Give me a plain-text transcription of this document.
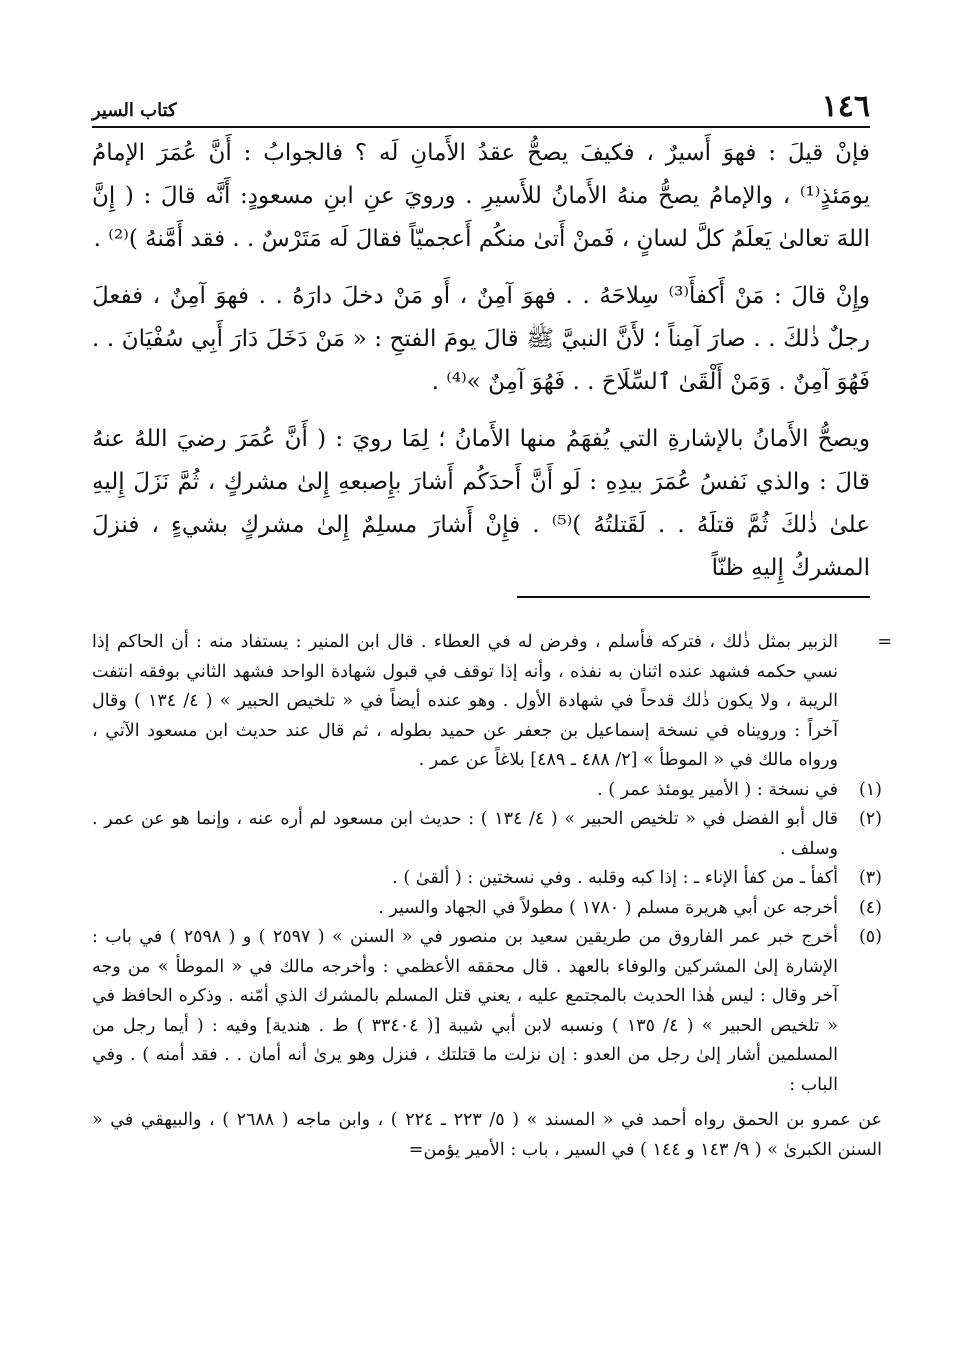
١٤٦
كتاب السير

فإنْ قيلَ : فهوَ أَسيرٌ ، فكيفَ يصحُّ عقدُ الأَمانِ لَه ؟ فالجوابُ : أَنَّ عُمَرَ الإمامُ يومَئذٍ⁽¹⁾ ، والإمامُ يصحُّ منهُ الأَمانُ للأَسيرِ . ورويَ عنِ ابنِ مسعودٍ: أَنَّه قالَ : ( إِنَّ اللهَ تعالىٰ يَعلَمُ كلَّ لسانٍ ، فَمنْ أَتىٰ منكُم أَعجميّاً فقالَ لَه مَتَرْسٌ . . فقد أَمَّنهُ )⁽²⁾ .

وإِنْ قالَ : مَنْ أَكفأَ⁽³⁾ سِلاحَهُ . . فهوَ آمِنٌ ، أَو مَنْ دخلَ دارَهُ . . فهوَ آمِنٌ ، ففعلَ رجلٌ ذٰلكَ . . صارَ آمِناً ؛ لأَنَّ النبيَّ ﷺ قالَ يومَ الفتحِ : « مَنْ دَخَلَ دَارَ أَبِي سُفْيَانَ . . فَهُوَ آمِنٌ . وَمَنْ أَلْقَىٰ ٱلسِّلَاحَ . . فَهُوَ آمِنٌ »⁽⁴⁾ .

ويصحُّ الأَمانُ بالإشارةِ التي يُفهَمُ منها الأَمانُ ؛ لِمَا رويَ : ( أَنَّ عُمَرَ رضيَ اللهُ عنهُ قالَ : والذي نَفسُ عُمَرَ بيدِهِ : لَو أَنَّ أَحدَكُم أَشارَ بإِصبعهِ إِلىٰ مشركٍ ، ثُمَّ نَزَلَ إِليهِ علىٰ ذٰلكَ ثُمَّ قتلَهُ . . لَقَتلتُهُ )⁽⁵⁾ . فإِنْ أَشارَ مسلِمٌ إِلىٰ مشركٍ بشيءٍ ، فنزلَ المشركُ إِليهِ ظنّاً

=
الزبير بمثل ذٰلك ، فتركه فأسلم ، وفرض له في العطاء . قال ابن المنير : يستفاد منه : أن الحاكم إذا نسي حكمه فشهد عنده اثنان به نفذه ، وأنه إذا توقف في قبول شهادة الواحد فشهد الثاني بوفقه انتفت الريبة ، ولا يكون ذٰلك قدحاً في شهادة الأول . وهو عنده أيضاً في « تلخيص الحبير » ( ٤/ ١٣٤ ) وقال آخراً : ورويناه في نسخة إسماعيل بن جعفر عن حميد بطوله ، ثم قال عند حديث ابن مسعود الآتي ، ورواه مالك في « الموطأ » [٢/ ٤٨٨ ـ ٤٨٩] بلاغاً عن عمر .
(١)
في نسخة : ( الأمير يومئذ عمر ) .
(٢)
قال أبو الفضل في « تلخيص الحبير » ( ٤/ ١٣٤ ) : حديث ابن مسعود لم أره عنه ، وإنما هو عن عمر . وسلف .
(٣)
أكفأ ـ من كفأ الإناء ـ : إذا كبه وقلبه . وفي نسختين : ( ألقىٰ ) .
(٤)
أخرجه عن أبي هريرة مسلم ( ١٧٨٠ ) مطولاً في الجهاد والسير .
(٥)
أخرج خبر عمر الفاروق من طريقين سعيد بن منصور في « السنن » ( ٢٥٩٧ ) و ( ٢٥٩٨ ) في باب : الإشارة إلىٰ المشركين والوفاء بالعهد . قال محققه الأعظمي : وأخرجه مالك في « الموطأ » من وجه آخر وقال : ليس هٰذا الحديث بالمجتمع عليه ، يعني قتل المسلم بالمشرك الذي أمّنه . وذكره الحافظ في « تلخيص الحبير » ( ٤/ ١٣٥ ) ونسبه لابن أبي شيبة [( ٣٣٤٠٤ ) ط . هندية] وفيه : ( أيما رجل من المسلمين أشار إلىٰ رجل من العدو : إن نزلت ما قتلتك ، فنزل وهو يرىٰ أنه أمان . . فقد أمنه ) . وفي الباب :

عن عمرو بن الحمق رواه أحمد في « المسند » ( ٥/ ٢٢٣ ـ ٢٢٤ ) ، وابن ماجه ( ٢٦٨٨ ) ، والبيهقي في « السنن الكبرىٰ » ( ٩/ ١٤٣ و ١٤٤ ) في السير ، باب : الأمير يؤمن=
